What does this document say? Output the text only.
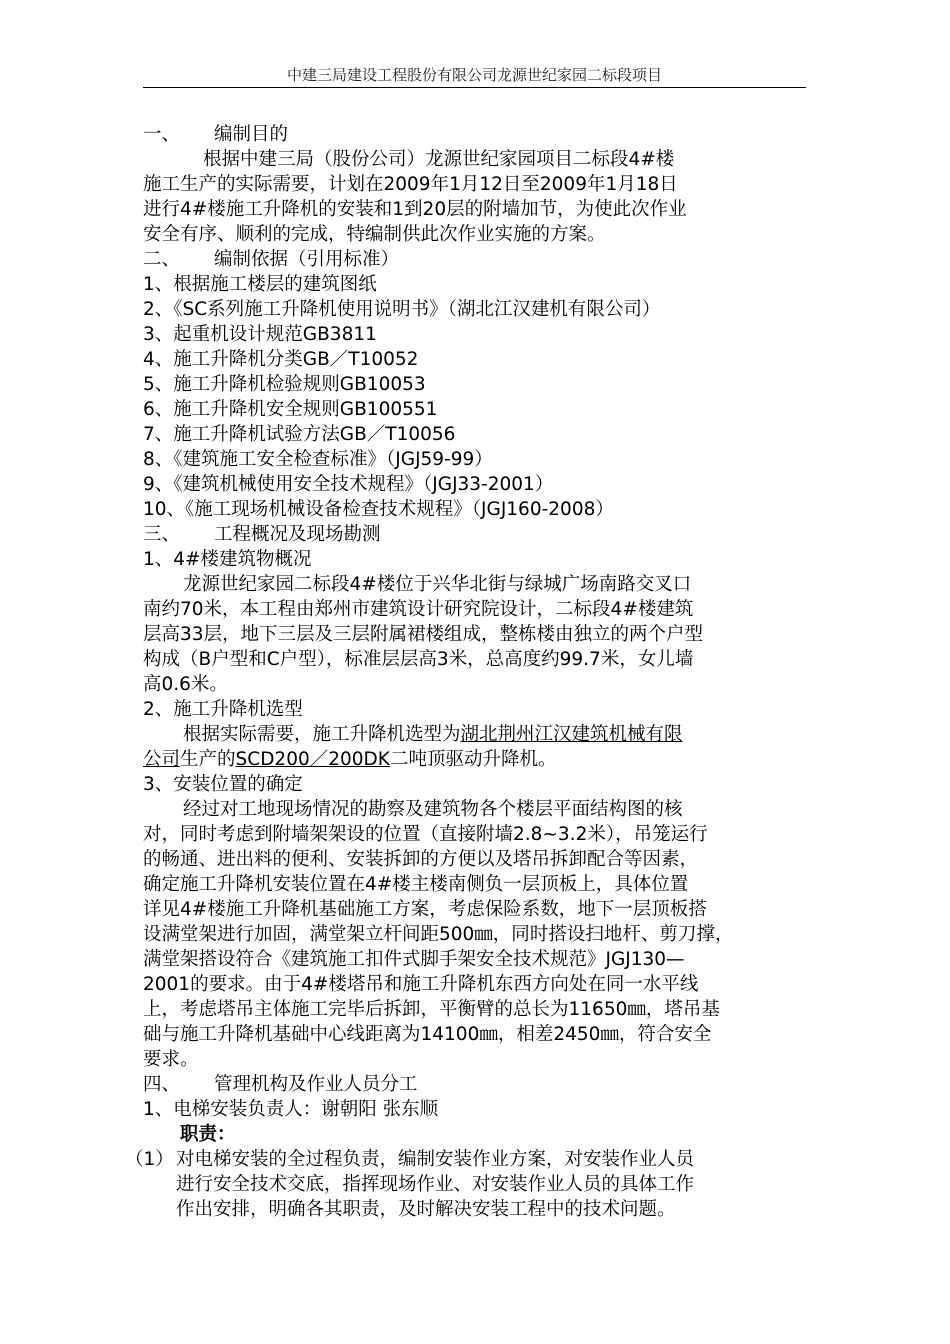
中建三局建设工程股份有限公司龙源世纪家园二标段项目
一、 编制目的
根据中建三局（股份公司）龙源世纪家园项目二标段4#楼
施工生产的实际需要，计划在2009年1月12日至2009年1月18日
进行4#楼施工升降机的安装和1到20层的附墙加节，为使此次作业
安全有序、顺利的完成，特编制供此次作业实施的方案。
二、 编制依据（引用标准）
1、根据施工楼层的建筑图纸
2、《SC系列施工升降机使用说明书》（湖北江汉建机有限公司）
3、起重机设计规范GB3811
4、施工升降机分类GB／T10052
5、施工升降机检验规则GB10053
6、施工升降机安全规则GB100551
7、施工升降机试验方法GB／T10056
8、《建筑施工安全检查标准》（JGJ59-99）
9、《建筑机械使用安全技术规程》（JGJ33-2001）
10、《施工现场机械设备检查技术规程》（JGJ160-2008）
三、 工程概况及现场勘测
1、4#楼建筑物概况
龙源世纪家园二标段4#楼位于兴华北街与绿城广场南路交叉口
南约70米，本工程由郑州市建筑设计研究院设计，二标段4#楼建筑
层高33层，地下三层及三层附属裙楼组成，整栋楼由独立的两个户型
构成（B户型和C户型），标准层层高3米，总高度约99.7米，女儿墙
高0.6米。
2、施工升降机选型
根据实际需要，施工升降机选型为湖北荆州江汉建筑机械有限
公司生产的SCD200／200DK二吨顶驱动升降机。
3、安装位置的确定
经过对工地现场情况的勘察及建筑物各个楼层平面结构图的核
对，同时考虑到附墙架架设的位置（直接附墙2.8~3.2米），吊笼运行
的畅通、进出料的便利、安装拆卸的方便以及塔吊拆卸配合等因素，
确定施工升降机安装位置在4#楼主楼南侧负一层顶板上，具体位置
详见4#楼施工升降机基础施工方案，考虑保险系数，地下一层顶板搭
设满堂架进行加固，满堂架立杆间距500㎜，同时搭设扫地杆、剪刀撑，
满堂架搭设符合《建筑施工扣件式脚手架安全技术规范》JGJ130—
2001的要求。由于4#楼塔吊和施工升降机东西方向处在同一水平线
上，考虑塔吊主体施工完毕后拆卸，平衡臂的总长为11650㎜，塔吊基
础与施工升降机基础中心线距离为14100㎜，相差2450㎜，符合安全
要求。
四、 管理机构及作业人员分工
1、电梯安装负责人：谢朝阳 张东顺
职责：
（1） 对电梯安装的全过程负责，编制安装作业方案，对安装作业人员
进行安全技术交底，指挥现场作业、对安装作业人员的具体工作
作出安排，明确各其职责，及时解决安装工程中的技术问题。
